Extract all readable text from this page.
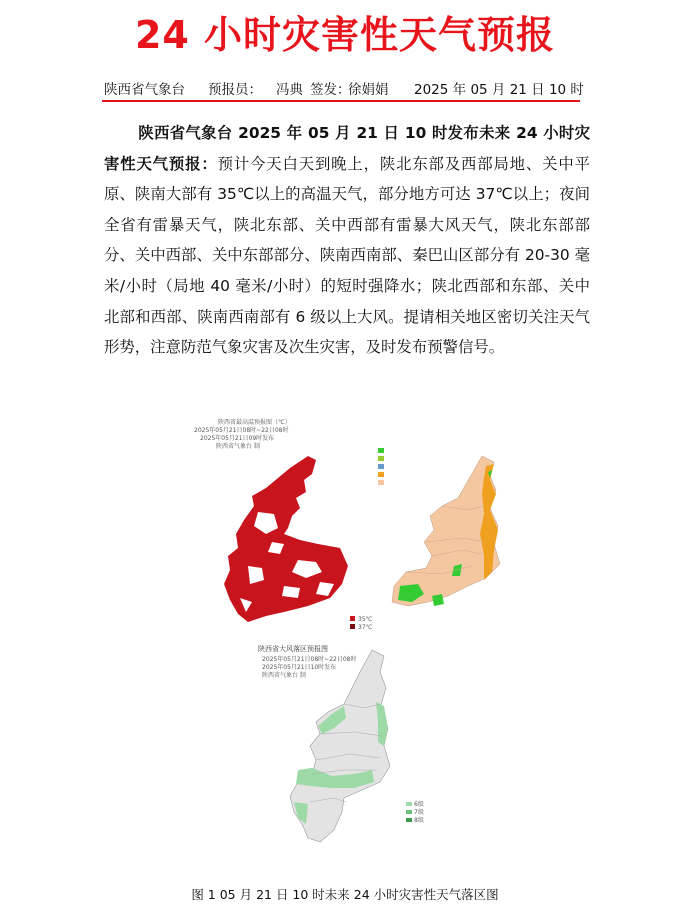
24 小时灾害性天气预报
陕西省气象台 预报员： 冯典 签发：
徐娟娟 2025 年 05 月 21 日 10 时
陕西省气象台 2025 年 05 月 21 日 10 时发布未来 24 小时灾害性天气预报：预计今天白天到晚上，陕北东部及西部局地、关中平原、陕南大部有 35℃以上的高温天气，部分地方可达 37℃以上；夜间全省有雷暴天气，陕北东部、关中西部有雷暴大风天气，陕北东部部分、关中西部、关中东部部分、陕南西南部、秦巴山区部分有 20-30 毫米/小时（局地 40 毫米/小时）的短时强降水；陕北西部和东部、关中北部和西部、陕南西南部有 6 级以上大风。提请相关地区密切关注天气形势，注意防范气象灾害及次生灾害，及时发布预警信号。
陕西省最高温预报图（℃）
2025年05月21日08时~22日08时
2025年05月21日09时发布
陕西省气象台 制
35℃
37℃
陕西省大风落区预报图
2025年05月21日08时~22日08时
2025年05月21日10时发布
陕西省气象台 制
6级
7级
8级
图 1 05 月 21 日 10 时未来 24 小时灾害性天气落区图
